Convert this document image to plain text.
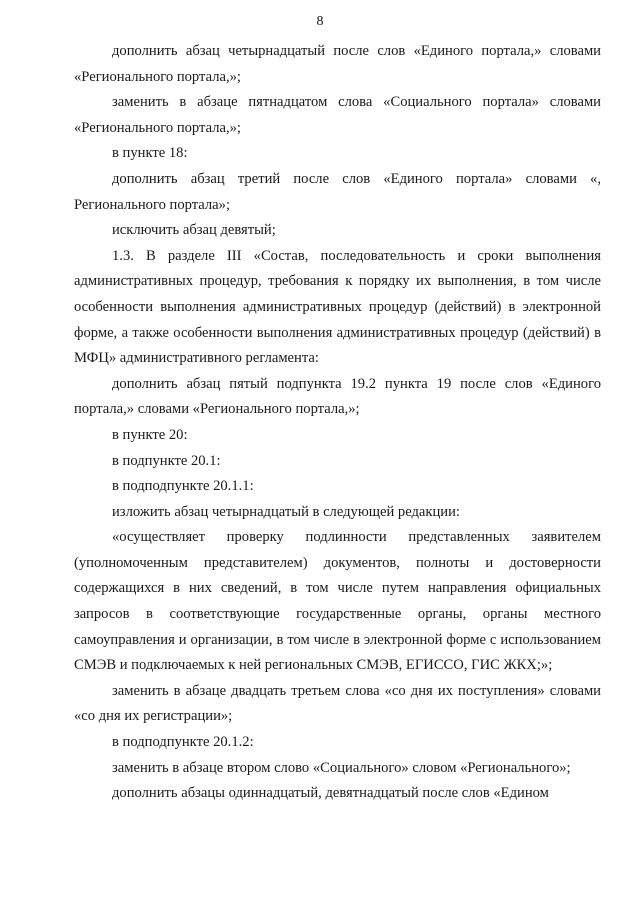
8

дополнить абзац четырнадцатый после слов «Единого портала,» словами «Регионального портала,»;

заменить в абзаце пятнадцатом слова «Социального портала» словами «Регионального портала,»;

в пункте 18:

дополнить абзац третий после слов «Единого портала» словами «, Регионального портала»;

исключить абзац девятый;

1.3. В разделе III «Состав, последовательность и сроки выполнения административных процедур, требования к порядку их выполнения, в том числе особенности выполнения административных процедур (действий) в электронной форме, а также особенности выполнения административных процедур (действий) в МФЦ» административного регламента:

дополнить абзац пятый подпункта 19.2 пункта 19 после слов «Единого портала,» словами «Регионального портала,»;

в пункте 20:

в подпункте 20.1:

в подподпункте 20.1.1:

изложить абзац четырнадцатый в следующей редакции:

«осуществляет проверку подлинности представленных заявителем (уполномоченным представителем) документов, полноты и достоверности содержащихся в них сведений, в том числе путем направления официальных запросов в соответствующие государственные органы, органы местного самоуправления и организации, в том числе в электронной форме с использованием СМЭВ и подключаемых к ней региональных СМЭВ, ЕГИССО, ГИС ЖКХ;»;

заменить в абзаце двадцать третьем слова «со дня их поступления» словами «со дня их регистрации»;

в подподпункте 20.1.2:

заменить в абзаце втором слово «Социального» словом «Регионального»;

дополнить абзацы одиннадцатый, девятнадцатый после слов «Едином
